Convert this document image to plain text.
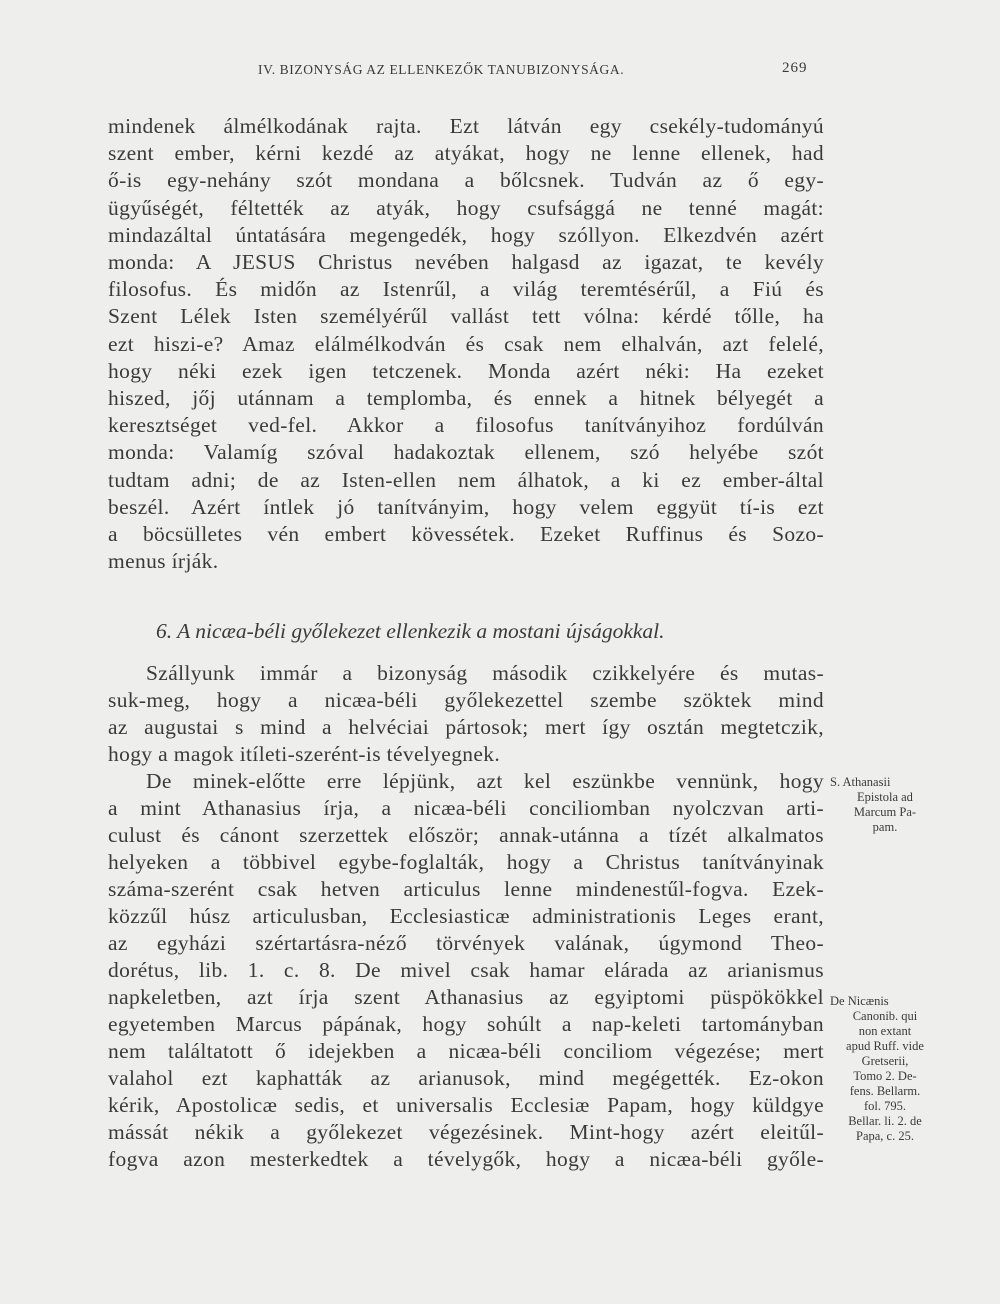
IV. BIZONYSÁG AZ ELLENKEZŐK TANUBIZONYSÁGA.	269
mindenek álmélkodának rajta. Ezt látván egy csekély-tudományú
szent ember, kérni kezdé az atyákat, hogy ne lenne ellenek, had
ő-is egy-nehány szót mondana a bőlcsnek. Tudván az ő egy-
ügyűségét, féltették az atyák, hogy csufsággá ne tenné magát:
mindazáltal úntatására megengedék, hogy szóllyon. Elkezdvén azért
monda: A JESUS Christus nevében halgasd az igazat, te kevély
filosofus. És midőn az Istenrűl, a világ teremtésérűl, a Fiú és
Szent Lélek Isten személyérűl vallást tett vólna: kérdé tőlle, ha
ezt hiszi-e? Amaz elálmélkodván és csak nem elhalván, azt felelé,
hogy néki ezek igen tetczenek. Monda azért néki: Ha ezeket
hiszed, jőj utánnam a templomba, és ennek a hitnek bélyegét a
keresztséget ved-fel. Akkor a filosofus tanítványihoz fordúlván
monda: Valamíg szóval hadakoztak ellenem, szó helyébe szót
tudtam adni; de az Isten-ellen nem álhatok, a ki ez ember-által
beszél. Azért íntlek jó tanítványim, hogy velem eggyüt tí-is ezt
a böcsülletes vén embert kövessétek. Ezeket Ruffinus és Sozo-
menus írják.
6. A nicæa-béli győlekezet ellenkezik a mostani újságokkal.
Szállyunk immár a bizonyság második czikkelyére és mutas-
suk-meg, hogy a nicæa-béli győlekezettel szembe szöktek mind
az augustai s mind a helvéciai pártosok; mert így osztán megtetczik,
hogy a magok itíleti-szerént-is tévelyegnek.
De minek-előtte erre lépjünk, azt kel eszünkbe vennünk, hogy
a mint Athanasius írja, a nicæa-béli conciliomban nyolczvan arti-
culust és cánont szerzettek először; annak-utánna a tízét alkalmatos
helyeken a többivel egybe-foglalták, hogy a Christus tanítványinak
száma-szerént csak hetven articulus lenne mindenestűl-fogva. Ezek-
közzűl húsz articulusban, Ecclesiasticæ administrationis Leges erant,
az egyházi szértartásra-néző törvények valának, úgymond Theo-
dorétus, lib. 1. c. 8. De mivel csak hamar elárada az arianismus
napkeletben, azt írja szent Athanasius az egyiptomi püspökökkel
egyetemben Marcus pápának, hogy sohúlt a nap-keleti tartományban
nem találtatott ő idejekben a nicæa-béli conciliom végezése; mert
valahol ezt kaphatták az arianusok, mind megégették. Ez-okon
kérik, Apostolicæ sedis, et universalis Ecclesiæ Papam, hogy küldgye
mássát nékik a győlekezet végezésinek. Mint-hogy azért eleitűl-
fogva azon mesterkedtek a tévelygők, hogy a nicæa-béli győle-
S. Athanasii
Epistola ad
Marcum Pa-
pam.
De Nicænis
Canonib. qui
non extant
apud Ruff. vide
Gretserii,
Tomo 2. De-
fens. Bellarm.
fol. 795.
Bellar. li. 2. de
Papa, c. 25.
